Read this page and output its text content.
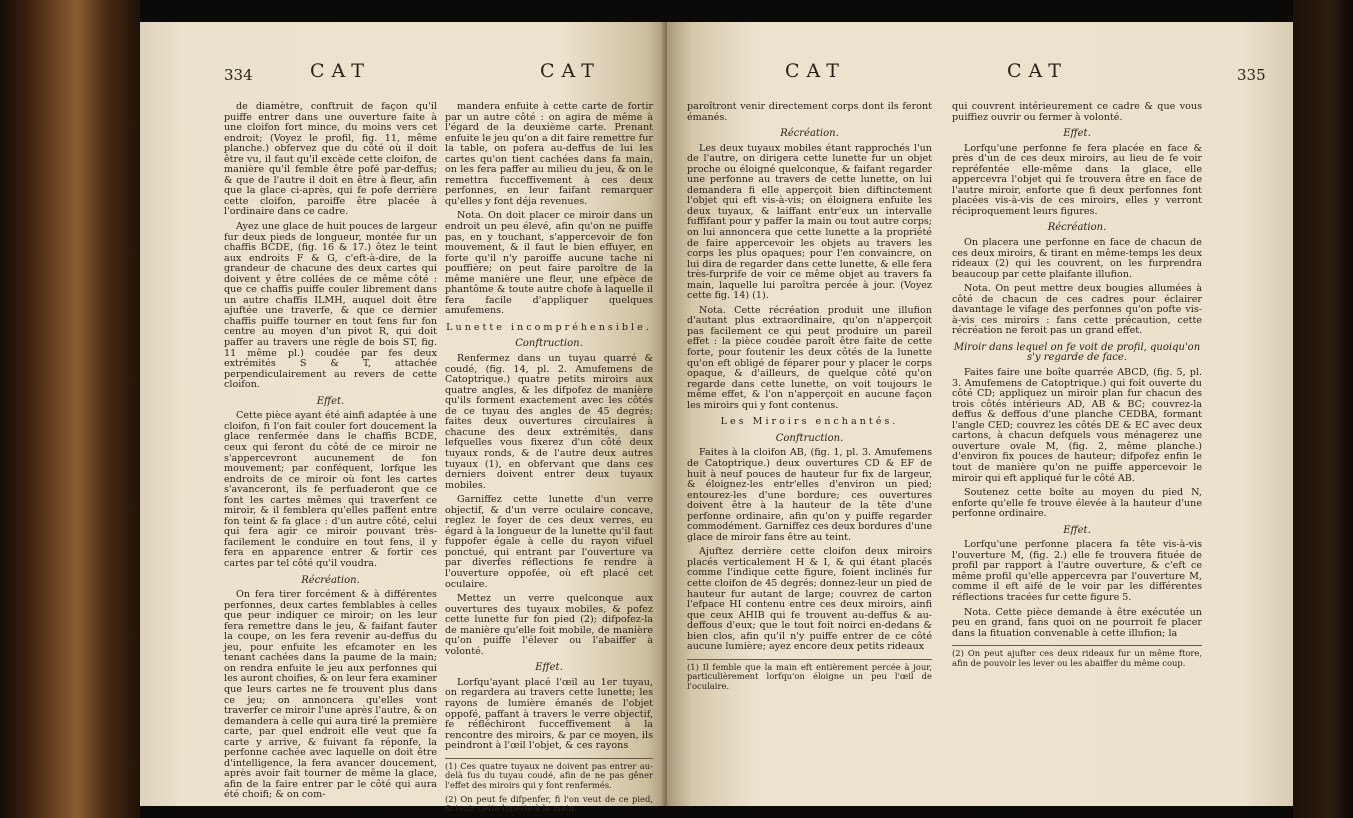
334	CAT	CAT

de diamètre, conftruit de façon qu'il puiffe entrer dans une ouverture faite à une cloifon fort mince, du moins vers cet endroit; (Voyez le profil, fig. 11, même planche.) obfervez que du côté où il doit être vu, il faut qu'il excède cette cloifon, de manière qu'il femble être pofé par-deffus; & que de l'autre il doit en être à fleur, afin que la glace ci-après, qui fe pofe derrière cette cloifon, paroiffe être placée à l'ordinaire dans ce cadre.

Ayez une glace de huit pouces de largeur fur deux pieds de longueur, montée fur un chaffis BCDE, (fig. 16 & 17.) ôtez le teint aux endroits F & G, c'eft-à-dire, de la grandeur de chacune des deux cartes qui doivent y être collées de ce même côté : que ce chaffis puiffe couler librement dans un autre chaffis ILMH, auquel doit être ajuftée une traverfe, & que ce dernier chaffis puiffe tourner en tout fens fur fon centre au moyen d'un pivot R, qui doit paffer au travers une règle de bois ST, fig. 11 même pl.) coudée par fes deux extrémités S & T, attachée perpendiculairement au revers de cette cloifon.

Effet.

Cette pièce ayant été ainfi adaptée à une cloifon, fi l'on fait couler fort doucement la glace renfermée dans le chaffis BCDE, ceux qui feront du côté de ce miroir ne s'appercevront aucunement de fon mouvement; par conféquent, lorfque les endroits de ce miroir où font les cartes s'avanceront, ils fe perfuaderont que ce font les cartes mêmes qui traverfent ce miroir, & il femblera qu'elles paffent entre fon teint & fa glace : d'un autre côté, celui qui fera agir ce miroir pouvant très-facilement le conduire en tout fens, il y fera en apparence entrer & fortir ces cartes par tel côté qu'il voudra.

Récréation.

On fera tirer forcément & à différentes perfonnes, deux cartes femblables à celles que peur indiquer ce miroir; on les leur fera remettre dans le jeu, & faifant fauter la coupe, on les fera revenir au-deffus du jeu, pour enfuite les efcamoter en les tenant cachées dans la paume de la main; on rendra enfuite le jeu aux perfonnes qui les auront choifies, & on leur fera examiner que leurs cartes ne fe trouvent plus dans ce jeu; on annoncera qu'elles vont traverfer ce miroir l'une après l'autre, & on demandera à celle qui aura tiré la première carte, par quel endroit elle veut que fa carte y arrive, & fuivant fa réponfe, la perfonne cachée avec laquelle on doit être d'intelligence, la fera avancer doucement, après avoir fait tourner de même la glace, afin de la faire entrer par le côté qui aura été choifi; & on com-

mandera enfuite à cette carte de fortir par un autre côté : on agira de même à l'égard de la deuxième carte. Prenant enfuite le jeu qu'on a dit faire remettre fur la table, on pofera au-deffus de lui les cartes qu'on tient cachées dans fa main, on les fera paffer au milieu du jeu, & on le remettra fucceffivement à ces deux perfonnes, en leur faifant remarquer qu'elles y font déja revenues.

Nota. On doit placer ce miroir dans un endroit un peu élevé, afin qu'on ne puiffe pas, en y touchant, s'appercevoir de fon mouvement, & il faut le bien effuyer, en forte qu'il n'y paroiffe aucune tache ni pouffière; on peut faire paroître de la même manière une fleur, une efpèce de phantôme & toute autre chofe à laquelle il fera facile d'appliquer quelques amufemens.

Lunette incompréhensible.
Conftruction.

Renfermez dans un tuyau quarré & coudé, (fig. 14, pl. 2. Amufemens de Catoptrique.) quatre petits miroirs aux quatre angles, & les difpofez de manière qu'ils forment exactement avec les côtés de ce tuyau des angles de 45 degrés; faites deux ouvertures circulaires à chacune des deux extrémités, dans lefquelles vous fixerez d'un côté deux tuyaux ronds, & de l'autre deux autres tuyaux (1), en obfervant que dans ces derniers doivent entrer deux tuyaux mobiles.

Garniffez cette lunette d'un verre objectif, & d'un verre oculaire concave, reglez le foyer de ces deux verres, eu égard à la longueur de la lunette qu'il faut fuppofer égale à celle du rayon vifuel ponctué, qui entrant par l'ouverture va par diverfes réflections fe rendre à l'ouverture oppofée, où eft placé cet oculaire.

Mettez un verre quelconque aux ouvertures des tuyaux mobiles, & pofez cette lunette fur fon pied (2); difpofez-la de manière qu'elle foit mobile, de manière qu'on puiffe l'élever ou l'abaiffer à volonté.

Effet.

Lorfqu'ayant placé l'œil au 1er tuyau, on regardera au travers cette lunette; les rayons de lumière émanés de l'objet oppofé, paffant à travers le verre objectif, fe réfléchiront fucceffivement à la rencontre des miroirs, & par ce moyen, ils peindront à l'œil l'objet, & ces rayons

(1) Ces quatre tuyaux ne doivent pas entrer au-delà fus du tuyau coudé, afin de ne pas gêner l'effet des miroirs qui y font renfermés.
(2) On peut fe difpenfer, fi l'on veut de ce pied, & tenir cette lunette à la main.
CAT	CAT	335

paroîtront venir directement corps dont ils feront émanés.

Récréation.

Les deux tuyaux mobiles étant rapprochés l'un de l'autre, on dirigera cette lunette fur un objet proche ou éloigné quelconque, & faifant regarder une perfonne au travers de cette lunette, on lui demandera fi elle apperçoit bien diftinctement l'objet qui eft vis-à-vis; on éloignera enfuite les deux tuyaux, & laiffant entr'eux un intervalle fuffifant pour y paffer la main ou tout autre corps; on lui annoncera que cette lunette a la propriété de faire appercevoir les objets au travers les corps les plus opaques; pour l'en convaincre, on lui dira de regarder dans cette lunette, & elle fera très-furprife de voir ce même objet au travers fa main, laquelle lui paroîtra percée à jour. (Voyez cette fig. 14) (1).

Nota. Cette récréation produit une illufion d'autant plus extraordinaire, qu'on n'apperçoit pas facilement ce qui peut produire un pareil effet : la pièce coudée paroît être faite de cette forte, pour foutenir les deux côtés de la lunette qu'on eft obligé de féparer pour y placer le corps opaque, & d'ailleurs, de quelque côté qu'on regarde dans cette lunette, on voit toujours le même effet, & l'on n'apperçoit en aucune façon les miroirs qui y font contenus.

Les Miroirs enchantés.
Conftruction.

Faites à la cloifon AB, (fig. 1, pl. 3. Amufemens de Catoptrique.) deux ouvertures CD & EF de huit à neuf pouces de hauteur fur fix de largeur, & éloignez-les entr'elles d'environ un pied; entourez-les d'une bordure; ces ouvertures doivent être à la hauteur de la tête d'une perfonne ordinaire, afin qu'on y puiffe regarder commodément. Garniffez ces deux bordures d'une glace de miroir fans être au teint.

Ajuftez derrière cette cloifon deux miroirs placés verticalement H & I, & qui étant placés comme l'indique cette figure, foient inclinés fur cette cloifon de 45 degrés; donnez-leur un pied de hauteur fur autant de large; couvrez de carton l'efpace HI contenu entre ces deux miroirs, ainfi que ceux AHIB qui fe trouvent au-deffus & au-deffous d'eux; que le tout foit noirci en-dedans & bien clos, afin qu'il n'y puiffe entrer de ce côté aucune lumière; ayez encore deux petits rideaux

(1) Il femble que la main eft entièrement percée à jour, particulièrement lorfqu'on éloigne un peu l'œil de l'oculaire.

qui couvrent intérieurement ce cadre & que vous puiffiez ouvrir ou fermer à volonté.

Effet.

Lorfqu'une perfonne fe fera placée en face & près d'un de ces deux miroirs, au lieu de fe voir repréfentée elle-même dans la glace, elle appercevra l'objet qui fe trouvera être en face de l'autre miroir, enforte que fi deux perfonnes font placées vis-à-vis de ces miroirs, elles y verront réciproquement leurs figures.

Récréation.

On placera une perfonne en face de chacun de ces deux miroirs, & tirant en même-temps les deux rideaux (2) qui les couvrent, on les furprendra beaucoup par cette plaifante illufion.

Nota. On peut mettre deux bougies allumées à côté de chacun de ces cadres pour éclairer davantage le vifage des perfonnes qu'on pofte vis-à-vis ces miroirs : fans cette précaution, cette récréation ne feroit pas un grand effet.

Miroir dans lequel on fe voit de profil, quoiqu'on s'y regarde de face.

Faites faire une boîte quarrée ABCD, (fig. 5, pl. 3. Amufemens de Catoptrique.) qui foit ouverte du côté CD; appliquez un miroir plan fur chacun des trois côtés intérieurs AD, AB & BC; couvrez-la deffus & deffous d'une planche CEDBA, formant l'angle CED; couvrez les côtés DE & EC avec deux cartons, à chacun defquels vous ménagerez une ouverture ovale M, (fig. 2, même planche.) d'environ fix pouces de hauteur; difpofez enfin le tout de manière qu'on ne puiffe appercevoir le miroir qui eft appliqué fur le côté AB.

Soutenez cette boîte au moyen du pied N, enforte qu'elle fe trouve élevée à la hauteur d'une perfonne ordinaire.

Effet.

Lorfqu'une perfonne placera fa tête vis-à-vis l'ouverture M, (fig. 2.) elle fe trouvera fituée de profil par rapport à l'autre ouverture, & c'eft ce même profil qu'elle appercevra par l'ouverture M, comme il eft aifé de le voir par les différentes réflections tracées fur cette figure 5.

Nota. Cette pièce demande à être exécutée un peu en grand, fans quoi on ne pourroit fe placer dans la fituation convenable à cette illufion; la

(2) On peut ajufter ces deux rideaux fur un même ftore, afin de pouvoir les lever ou les abaiffer du même coup.
